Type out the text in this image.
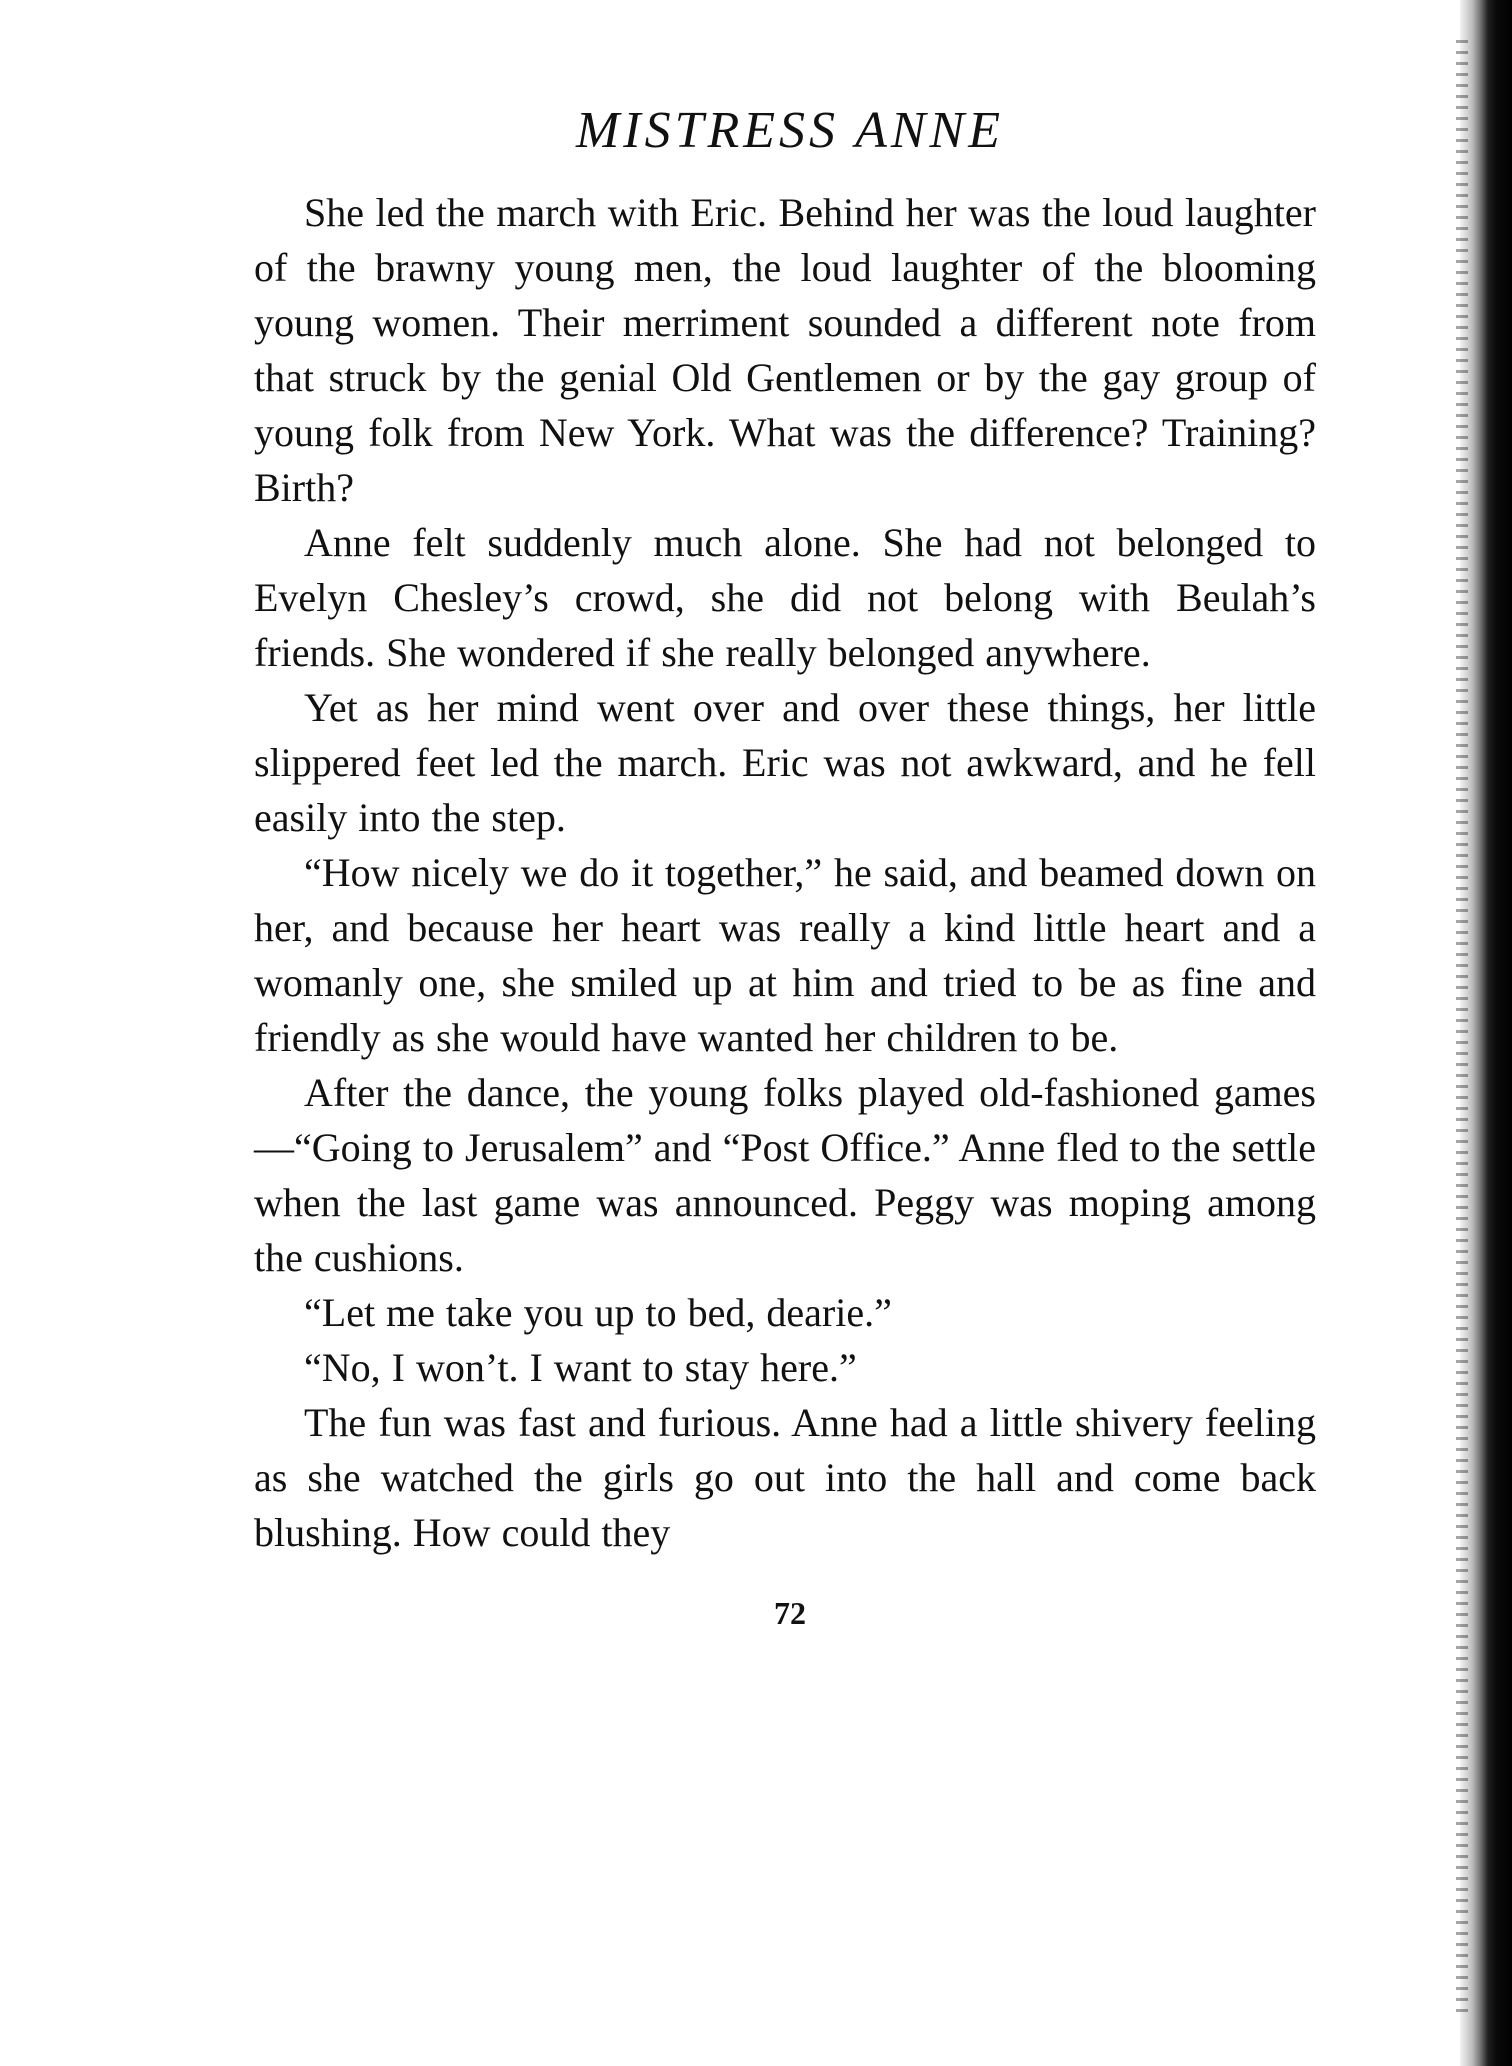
MISTRESS ANNE

She led the march with Eric. Behind her was the loud laughter of the brawny young men, the loud laughter of the blooming young women. Their merriment sounded a different note from that struck by the genial Old Gentlemen or by the gay group of young folk from New York. What was the difference? Training? Birth?

Anne felt suddenly much alone. She had not belonged to Evelyn Chesley’s crowd, she did not belong with Beulah’s friends. She wondered if she really belonged anywhere.

Yet as her mind went over and over these things, her little slippered feet led the march. Eric was not awkward, and he fell easily into the step.

“How nicely we do it together,” he said, and beamed down on her, and because her heart was really a kind little heart and a womanly one, she smiled up at him and tried to be as fine and friendly as she would have wanted her children to be.

After the dance, the young folks played old-fashioned games—“Going to Jerusalem” and “Post Office.” Anne fled to the settle when the last game was announced. Peggy was moping among the cushions.

“Let me take you up to bed, dearie.”

“No, I won’t. I want to stay here.”

The fun was fast and furious. Anne had a little shivery feeling as she watched the girls go out into the hall and come back blushing. How could they

72
